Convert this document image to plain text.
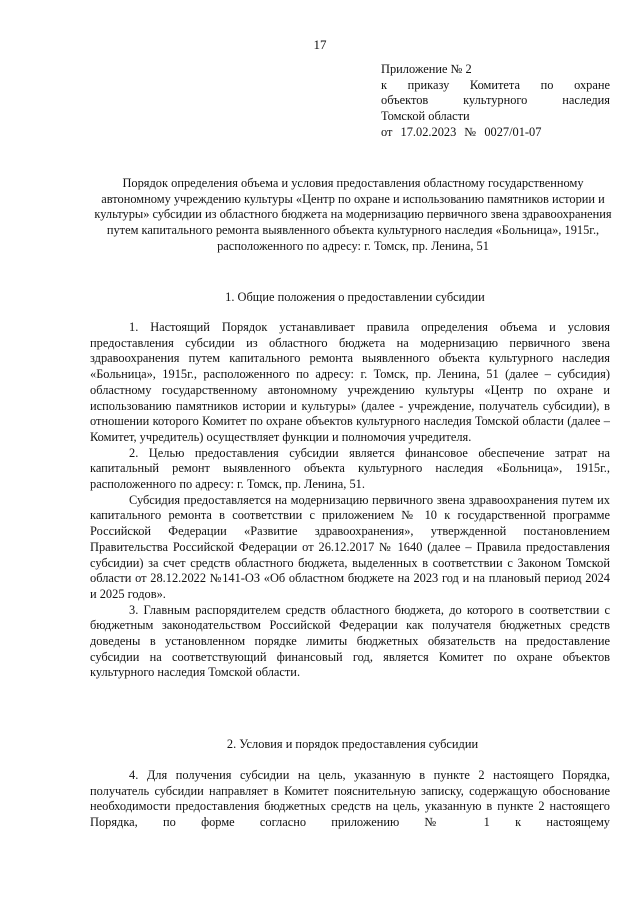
17
Приложение № 2
к приказу Комитета по охране
объектов культурного наследия
Томской области
от 17.02.2023 № 0027/01-07
Порядок определения объема и условия предоставления областному государственному автономному учреждению культуры «Центр по охране и использованию памятников истории и культуры» субсидии из областного бюджета на модернизацию первичного звена здравоохранения путем капитального ремонта выявленного объекта культурного наследия «Больница», 1915г., расположенного по адресу: г. Томск, пр. Ленина, 51
1. Общие положения о предоставлении субсидии

1. Настоящий Порядок устанавливает правила определения объема и условия предоставления субсидии из областного бюджета на модернизацию первичного звена здравоохранения путем капитального ремонта выявленного объекта культурного наследия «Больница», 1915г., расположенного по адресу: г. Томск, пр. Ленина, 51 (далее – субсидия) областному государственному автономному учреждению культуры «Центр по охране и использованию памятников истории и культуры» (далее - учреждение, получатель субсидии), в отношении которого Комитет по охране объектов культурного наследия Томской области (далее – Комитет, учредитель) осуществляет функции и полномочия учредителя.

2. Целью предоставления субсидии является финансовое обеспечение затрат на капитальный ремонт выявленного объекта культурного наследия «Больница», 1915г., расположенного по адресу: г. Томск, пр. Ленина, 51.

Субсидия предоставляется на модернизацию первичного звена здравоохранения путем их капитального ремонта в соответствии с приложением № 10 к государственной программе Российской Федерации «Развитие здравоохранения», утвержденной постановлением Правительства Российской Федерации от 26.12.2017 № 1640 (далее – Правила предоставления субсидии) за счет средств областного бюджета, выделенных в соответствии с Законом Томской области от 28.12.2022 №141-ОЗ «Об областном бюджете на 2023 год и на плановый период 2024 и 2025 годов».

3. Главным распорядителем средств областного бюджета, до которого в соответствии с бюджетным законодательством Российской Федерации как получателя бюджетных средств доведены в установленном порядке лимиты бюджетных обязательств на предоставление субсидии на соответствующий финансовый год, является Комитет по охране объектов культурного наследия Томской области.

2. Условия и порядок предоставления субсидии

4. Для получения субсидии на цель, указанную в пункте 2 настоящего Порядка, получатель субсидии направляет в Комитет пояснительную записку, содержащую обоснование необходимости предоставления бюджетных средств на цель, указанную в пункте 2 настоящего Порядка, по форме согласно приложению № 1 к настоящему
